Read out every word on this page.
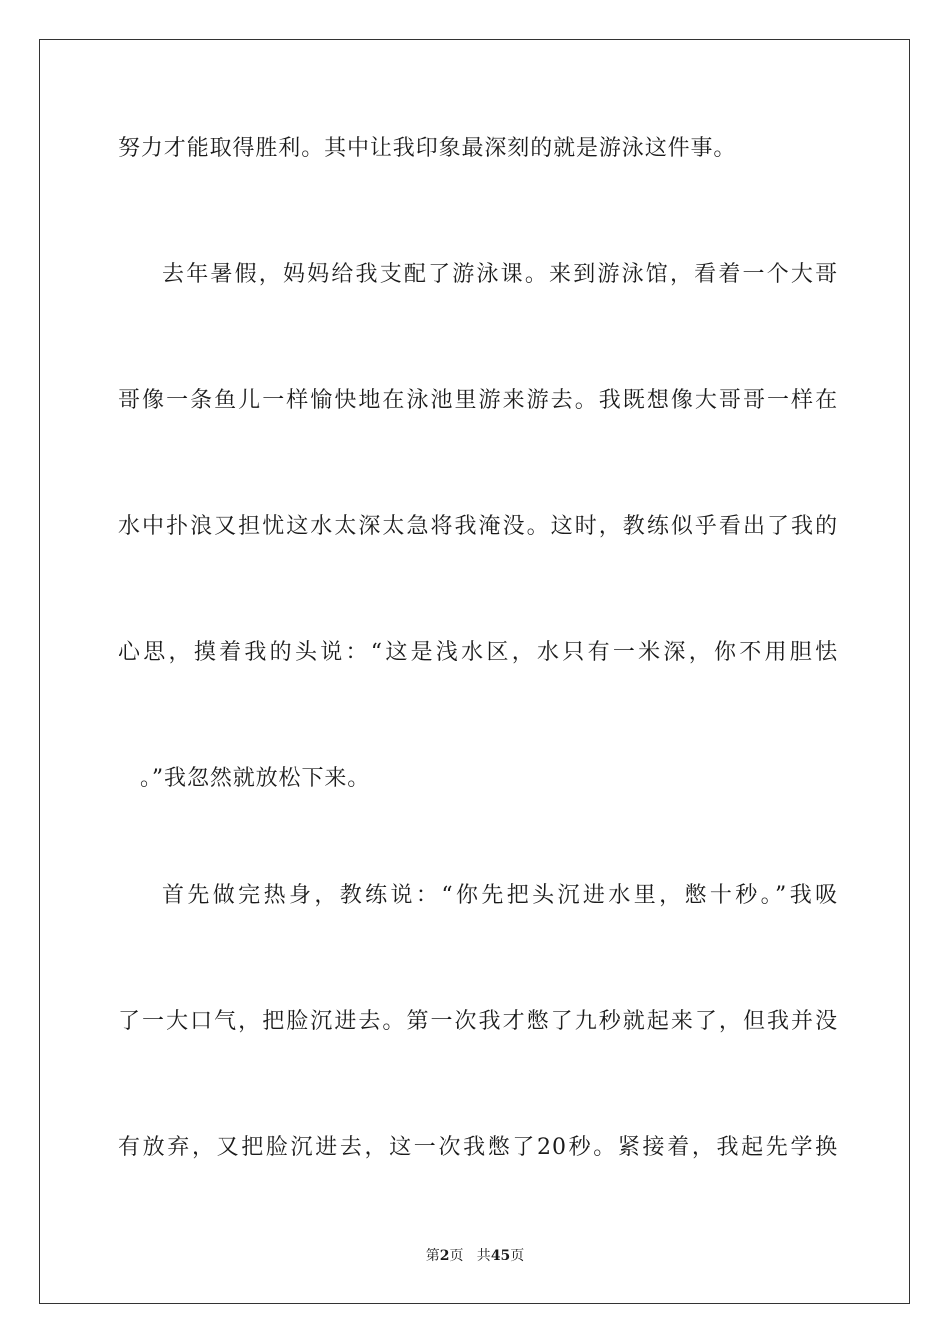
努力才能取得胜利。其中让我印象最深刻的就是游泳这件事。
去年暑假，妈妈给我支配了游泳课。来到游泳馆，看着一个大哥
哥像一条鱼儿一样愉快地在泳池里游来游去。我既想像大哥哥一样在
水中扑浪又担忧这水太深太急将我淹没。这时，教练似乎看出了我的
心思，摸着我的头说：“这是浅水区，水只有一米深，你不用胆怯
。”我忽然就放松下来。
首先做完热身，教练说：“你先把头沉进水里，憋十秒。”我吸
了一大口气，把脸沉进去。第一次我才憋了九秒就起来了，但我并没
有放弃，又把脸沉进去，这一次我憋了20秒。紧接着，我起先学换
第2页   共45页
